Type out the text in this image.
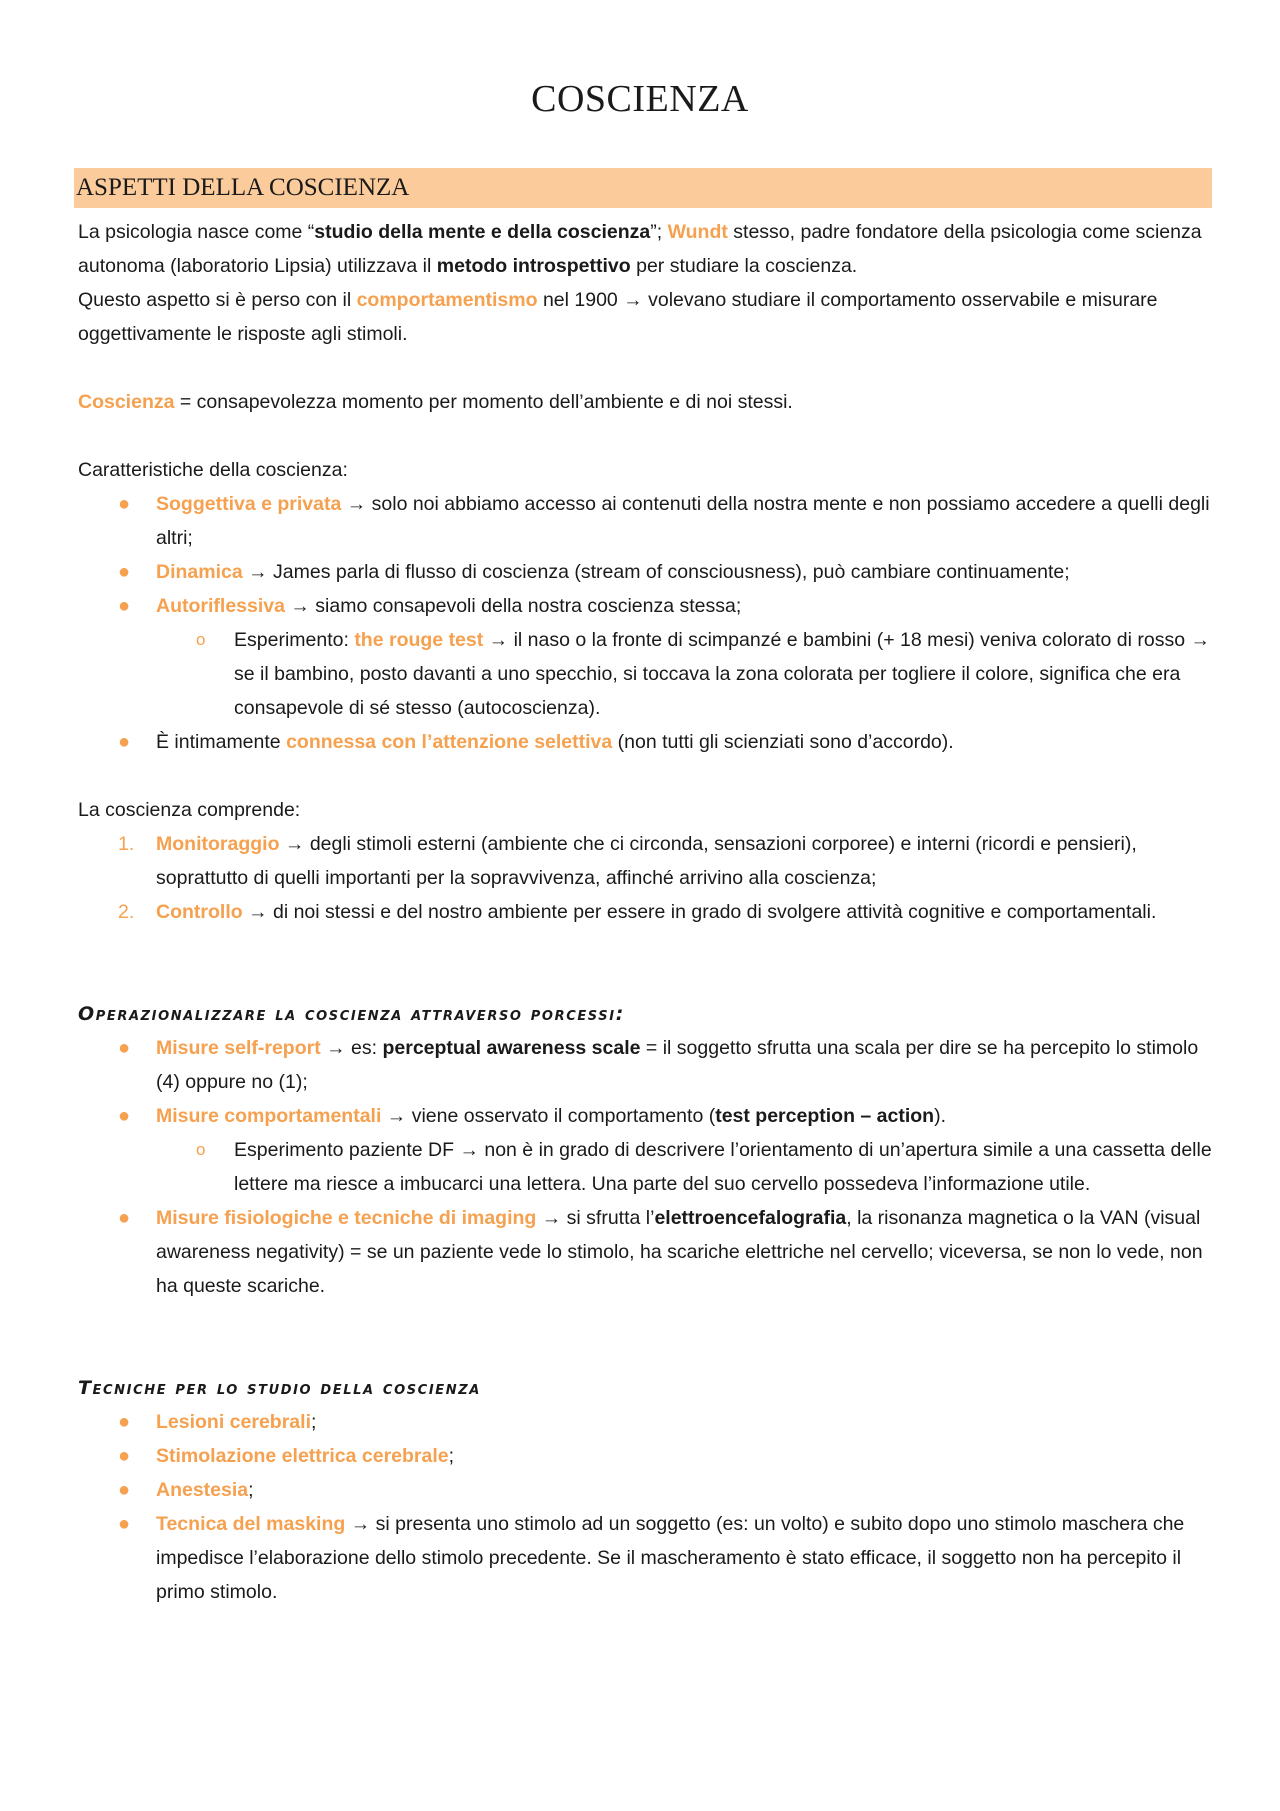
COSCIENZA
ASPETTI DELLA COSCIENZA

La psicologia nasce come “studio della mente e della coscienza”; Wundt stesso, padre fondatore della psicologia come scienza autonoma (laboratorio Lipsia) utilizzava il metodo introspettivo per studiare la coscienza.

Questo aspetto si è perso con il comportamentismo nel 1900 → volevano studiare il comportamento osservabile e misurare oggettivamente le risposte agli stimoli.

Coscienza = consapevolezza momento per momento dell’ambiente e di noi stessi.

Caratteristiche della coscienza:

● Soggettiva e privata → solo noi abbiamo accesso ai contenuti della nostra mente e non possiamo accedere a quelli degli altri;
● Dinamica → James parla di flusso di coscienza (stream of consciousness), può cambiare continuamente;
● Autoriflessiva → siamo consapevoli della nostra coscienza stessa;
o Esperimento: the rouge test → il naso o la fronte di scimpanzé e bambini (+ 18 mesi) veniva colorato di rosso → se il bambino, posto davanti a uno specchio, si toccava la zona colorata per togliere il colore, significa che era consapevole di sé stesso (autocoscienza).
● È intimamente connessa con l’attenzione selettiva (non tutti gli scienziati sono d’accordo).

La coscienza comprende:

1. Monitoraggio → degli stimoli esterni (ambiente che ci circonda, sensazioni corporee) e interni (ricordi e pensieri), soprattutto di quelli importanti per la sopravvivenza, affinché arrivino alla coscienza;
2. Controllo → di noi stessi e del nostro ambiente per essere in grado di svolgere attività cognitive e comportamentali.

Operazionalizzare la coscienza attraverso porcessi:

● Misure self-report → es: perceptual awareness scale = il soggetto sfrutta una scala per dire se ha percepito lo stimolo (4) oppure no (1);
● Misure comportamentali → viene osservato il comportamento (test perception – action).
o Esperimento paziente DF → non è in grado di descrivere l’orientamento di un’apertura simile a una cassetta delle lettere ma riesce a imbucarci una lettera. Una parte del suo cervello possedeva l’informazione utile.
● Misure fisiologiche e tecniche di imaging → si sfrutta l’elettroencefalografia, la risonanza magnetica o la VAN (visual awareness negativity) = se un paziente vede lo stimolo, ha scariche elettriche nel cervello; viceversa, se non lo vede, non ha queste scariche.

Tecniche per lo studio della coscienza

● Lesioni cerebrali;
● Stimolazione elettrica cerebrale;
● Anestesia;
● Tecnica del masking → si presenta uno stimolo ad un soggetto (es: un volto) e subito dopo uno stimolo maschera che impedisce l’elaborazione dello stimolo precedente. Se il mascheramento è stato efficace, il soggetto non ha percepito il primo stimolo.
